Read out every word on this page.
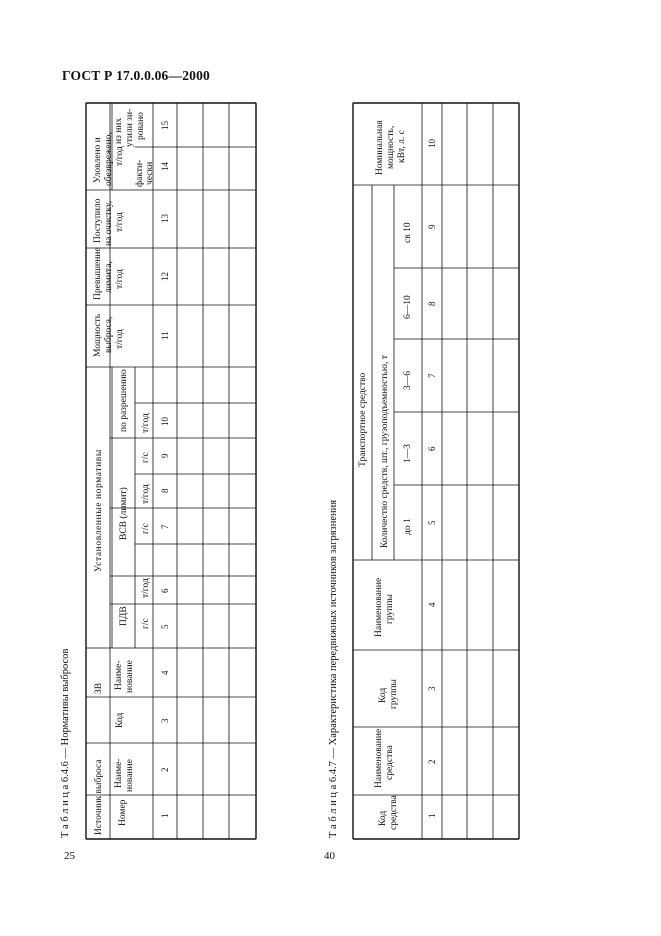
ГОСТ Р 17.0.0.06—2000
25	40
Т а б л и ц а 6.4.6 — Нормативы выбросов	Т а б л и ц а 6.4.7 — Характеристика передвижных источников загрязнения
Источник выброса Номер
Наиме- нование
ЗВ
Код
Наиме- нование
Установленные нормативы
ПДВ
ВСВ (лимит)
по разрешению
г/с
т/год
г/с
т/год
г/с
т/год
Мощность выброса, т/год
Превышение лимита, т/год
Поступило на очистку, т/год
Уловлено и обезврежено, т/год
факти- чески
из них утили зи- ровано
1
2
3
4
5
6
7
8
9
10
11
12
13
14
15
Код средства
Наименование средства
Код группы
Наименование группы
Транспортное средство Количество средств, шт., грузоподъемностью, т до 1
1—3
3—6
6—10
св 10
Номинальная мощность, кВт, л. с
1
2
3
4
5
6
7
8
9
10
